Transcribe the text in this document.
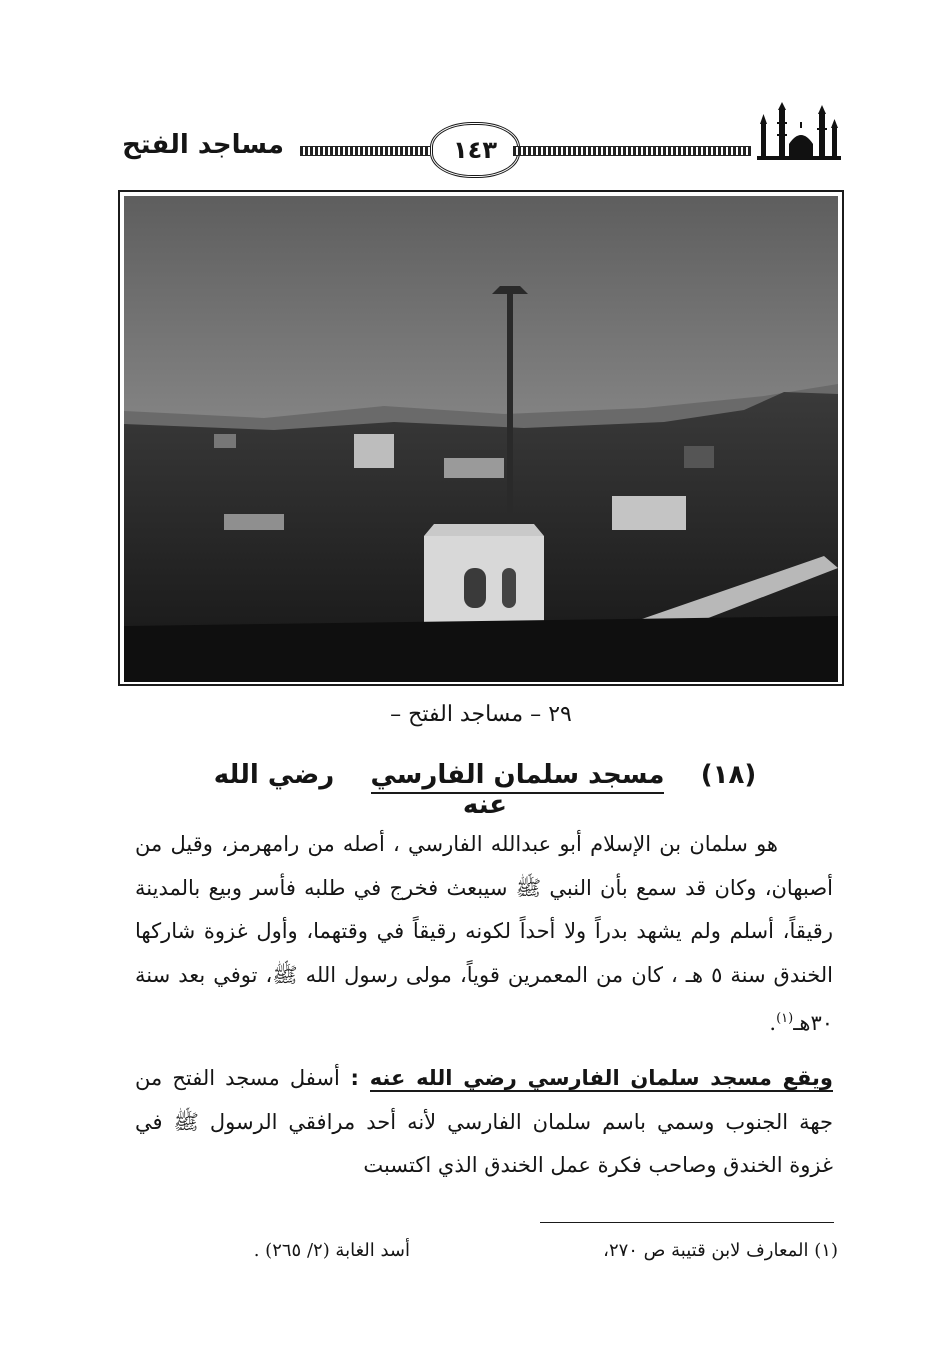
مساجد الفتح	١٤٣
٢٩ – مساجد الفتح –
(١٨)    مسجد سلمان الفارسي    رضي الله عنه
هو سلمان بن الإسلام أبو عبدالله الفارسي ، أصله من رامهرمز، وقيل من أصبهان، وكان قد سمع بأن النبي ﷺ سيبعث فخرج في طلبه فأسر وبيع بالمدينة رقيقاً، أسلم ولم يشهد بدراً ولا أحداً لكونه رقيقاً في وقتهما، وأول غزوة شاركها الخندق سنة ٥ هـ ، كان من المعمرين قوياً، مولى رسول الله ﷺ، توفي بعد سنة ٣٠هـ$^{(١)}$.
ويقع مسجد سلمان الفارسي رضي الله عنه : أسفل مسجد الفتح من جهة الجنوب وسمي باسم سلمان الفارسي لأنه أحد مرافقي الرسول ﷺ في غزوة الخندق وصاحب فكرة عمل الخندق الذي اكتسبت
(١) المعارف لابن قتيبة ص ٢٧٠،
أسد الغابة (٢/ ٢٦٥) .
